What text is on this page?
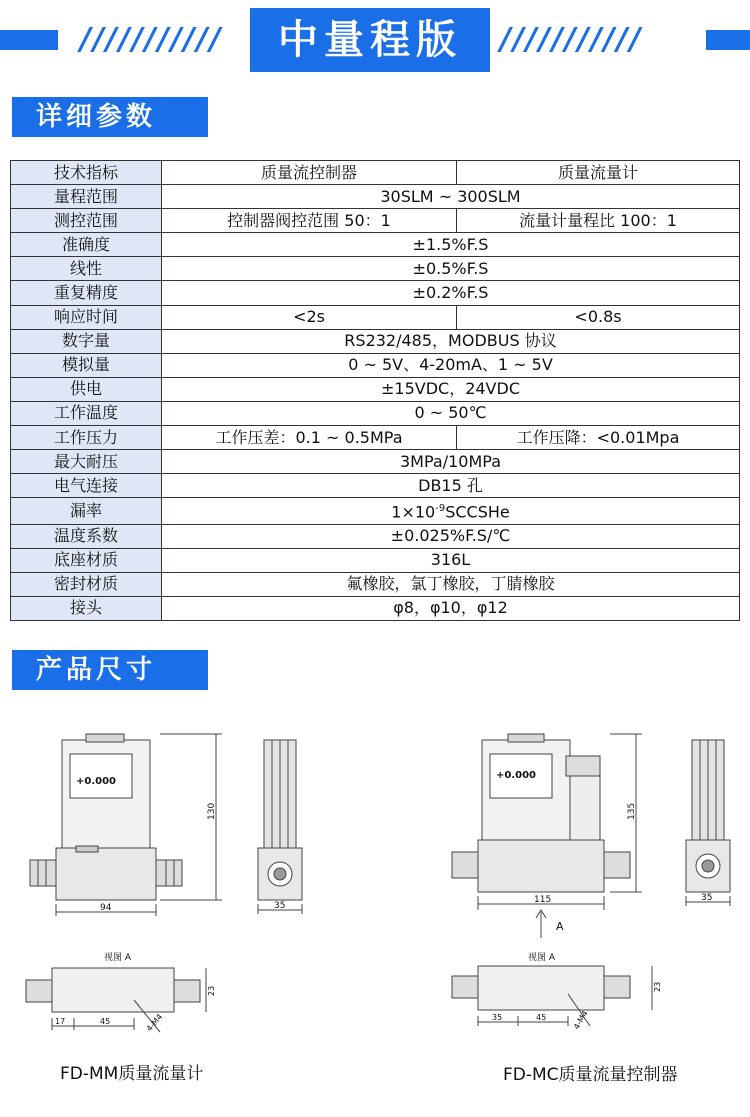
///////////	中量程版	///////////
详细参数
技术指标	质量流控制器	质量流量计
量程范围	30SLM ~ 300SLM	
测控范围	控制器阀控范围 50：1	流量计量程比 100：1
准确度	±1.5%F.S	
线性	±0.5%F.S	
重复精度	±0.2%F.S	
响应时间	<2s	<0.8s
数字量	RS232/485，MODBUS 协议	
模拟量	0 ~ 5V、4-20mA、1 ~ 5V	
供电	±15VDC，24VDC	
工作温度	0 ~ 50℃	
工作压力	工作压差：0.1 ~ 0.5MPa	工作压降：<0.01Mpa
最大耐压	3MPa/10MPa	
电气连接	DB15 孔	
漏率	$1\times 10^{-9}SCCSHe$	
温度系数	±0.025%F.S/℃	
底座材质	316L	
密封材质	氟橡胶，氯丁橡胶，丁腈橡胶	
接头	φ8，φ10，φ12	
产品尺寸
+0.000
130
94	35
视图 A
17	45
23
4-M4
FD-MM质量流量计
+0.000
135
115	35
A
视图 A
35	45
23
4-M4
FD-MC质量流量控制器
